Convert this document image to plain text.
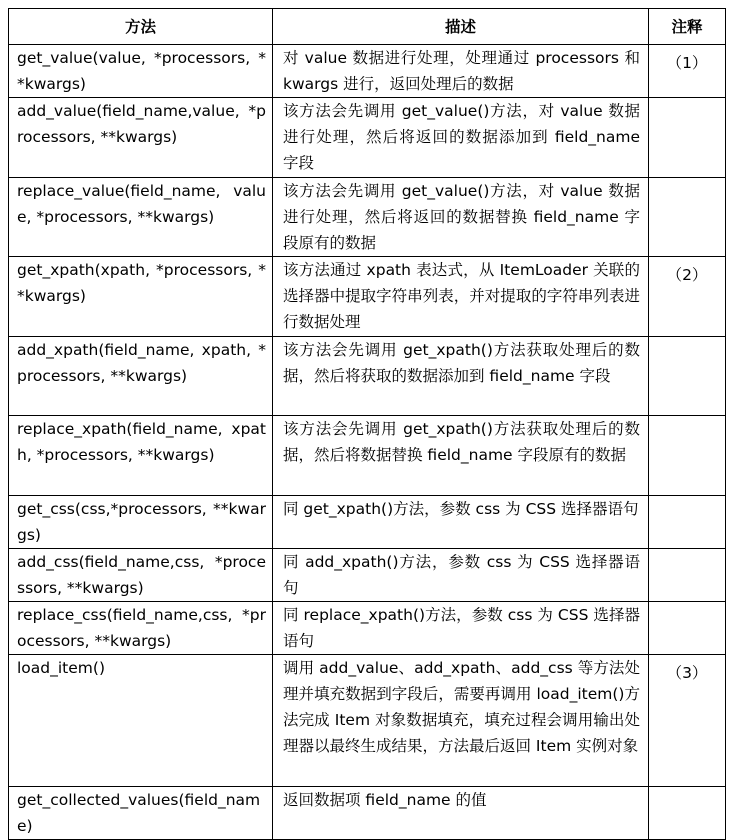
方法	描述	注释
get_value(value, *processors, **kwargs)	对 value 数据进行处理，处理通过 processors 和 kwargs 进行，返回处理后的数据	（1）
add_value(field_name,value, *processors, **kwargs)	该方法会先调用 get_value()方法，对 value 数据进行处理，然后将返回的数据添加到 field_name 字段	
replace_value(field_name, value, *processors, **kwargs)	该方法会先调用 get_value()方法，对 value 数据进行处理，然后将返回的数据替换 field_name 字段原有的数据	
get_xpath(xpath, *processors, **kwargs)	该方法通过 xpath 表达式，从 ItemLoader 关联的选择器中提取字符串列表，并对提取的字符串列表进行数据处理	（2）
add_xpath(field_name, xpath, *processors, **kwargs)	该方法会先调用 get_xpath()方法获取处理后的数据，然后将获取的数据添加到 field_name 字段	
replace_xpath(field_name, xpath, *processors, **kwargs)	该方法会先调用 get_xpath()方法获取处理后的数据，然后将数据替换 field_name 字段原有的数据	
get_css(css,*processors, **kwargs)	同 get_xpath()方法，参数 css 为 CSS 选择器语句	
add_css(field_name,css, *processors, **kwargs)	同 add_xpath()方法，参数 css 为 CSS 选择器语句	
replace_css(field_name,css, *processors, **kwargs)	同 replace_xpath()方法，参数 css 为 CSS 选择器语句	
load_item()	调用 add_value、add_xpath、add_css 等方法处理并填充数据到字段后，需要再调用 load_item()方法完成 Item 对象数据填充，填充过程会调用输出处理器以最终生成结果，方法最后返回 Item 实例对象	（3）
get_collected_values(field_name)	返回数据项 field_name 的值	
